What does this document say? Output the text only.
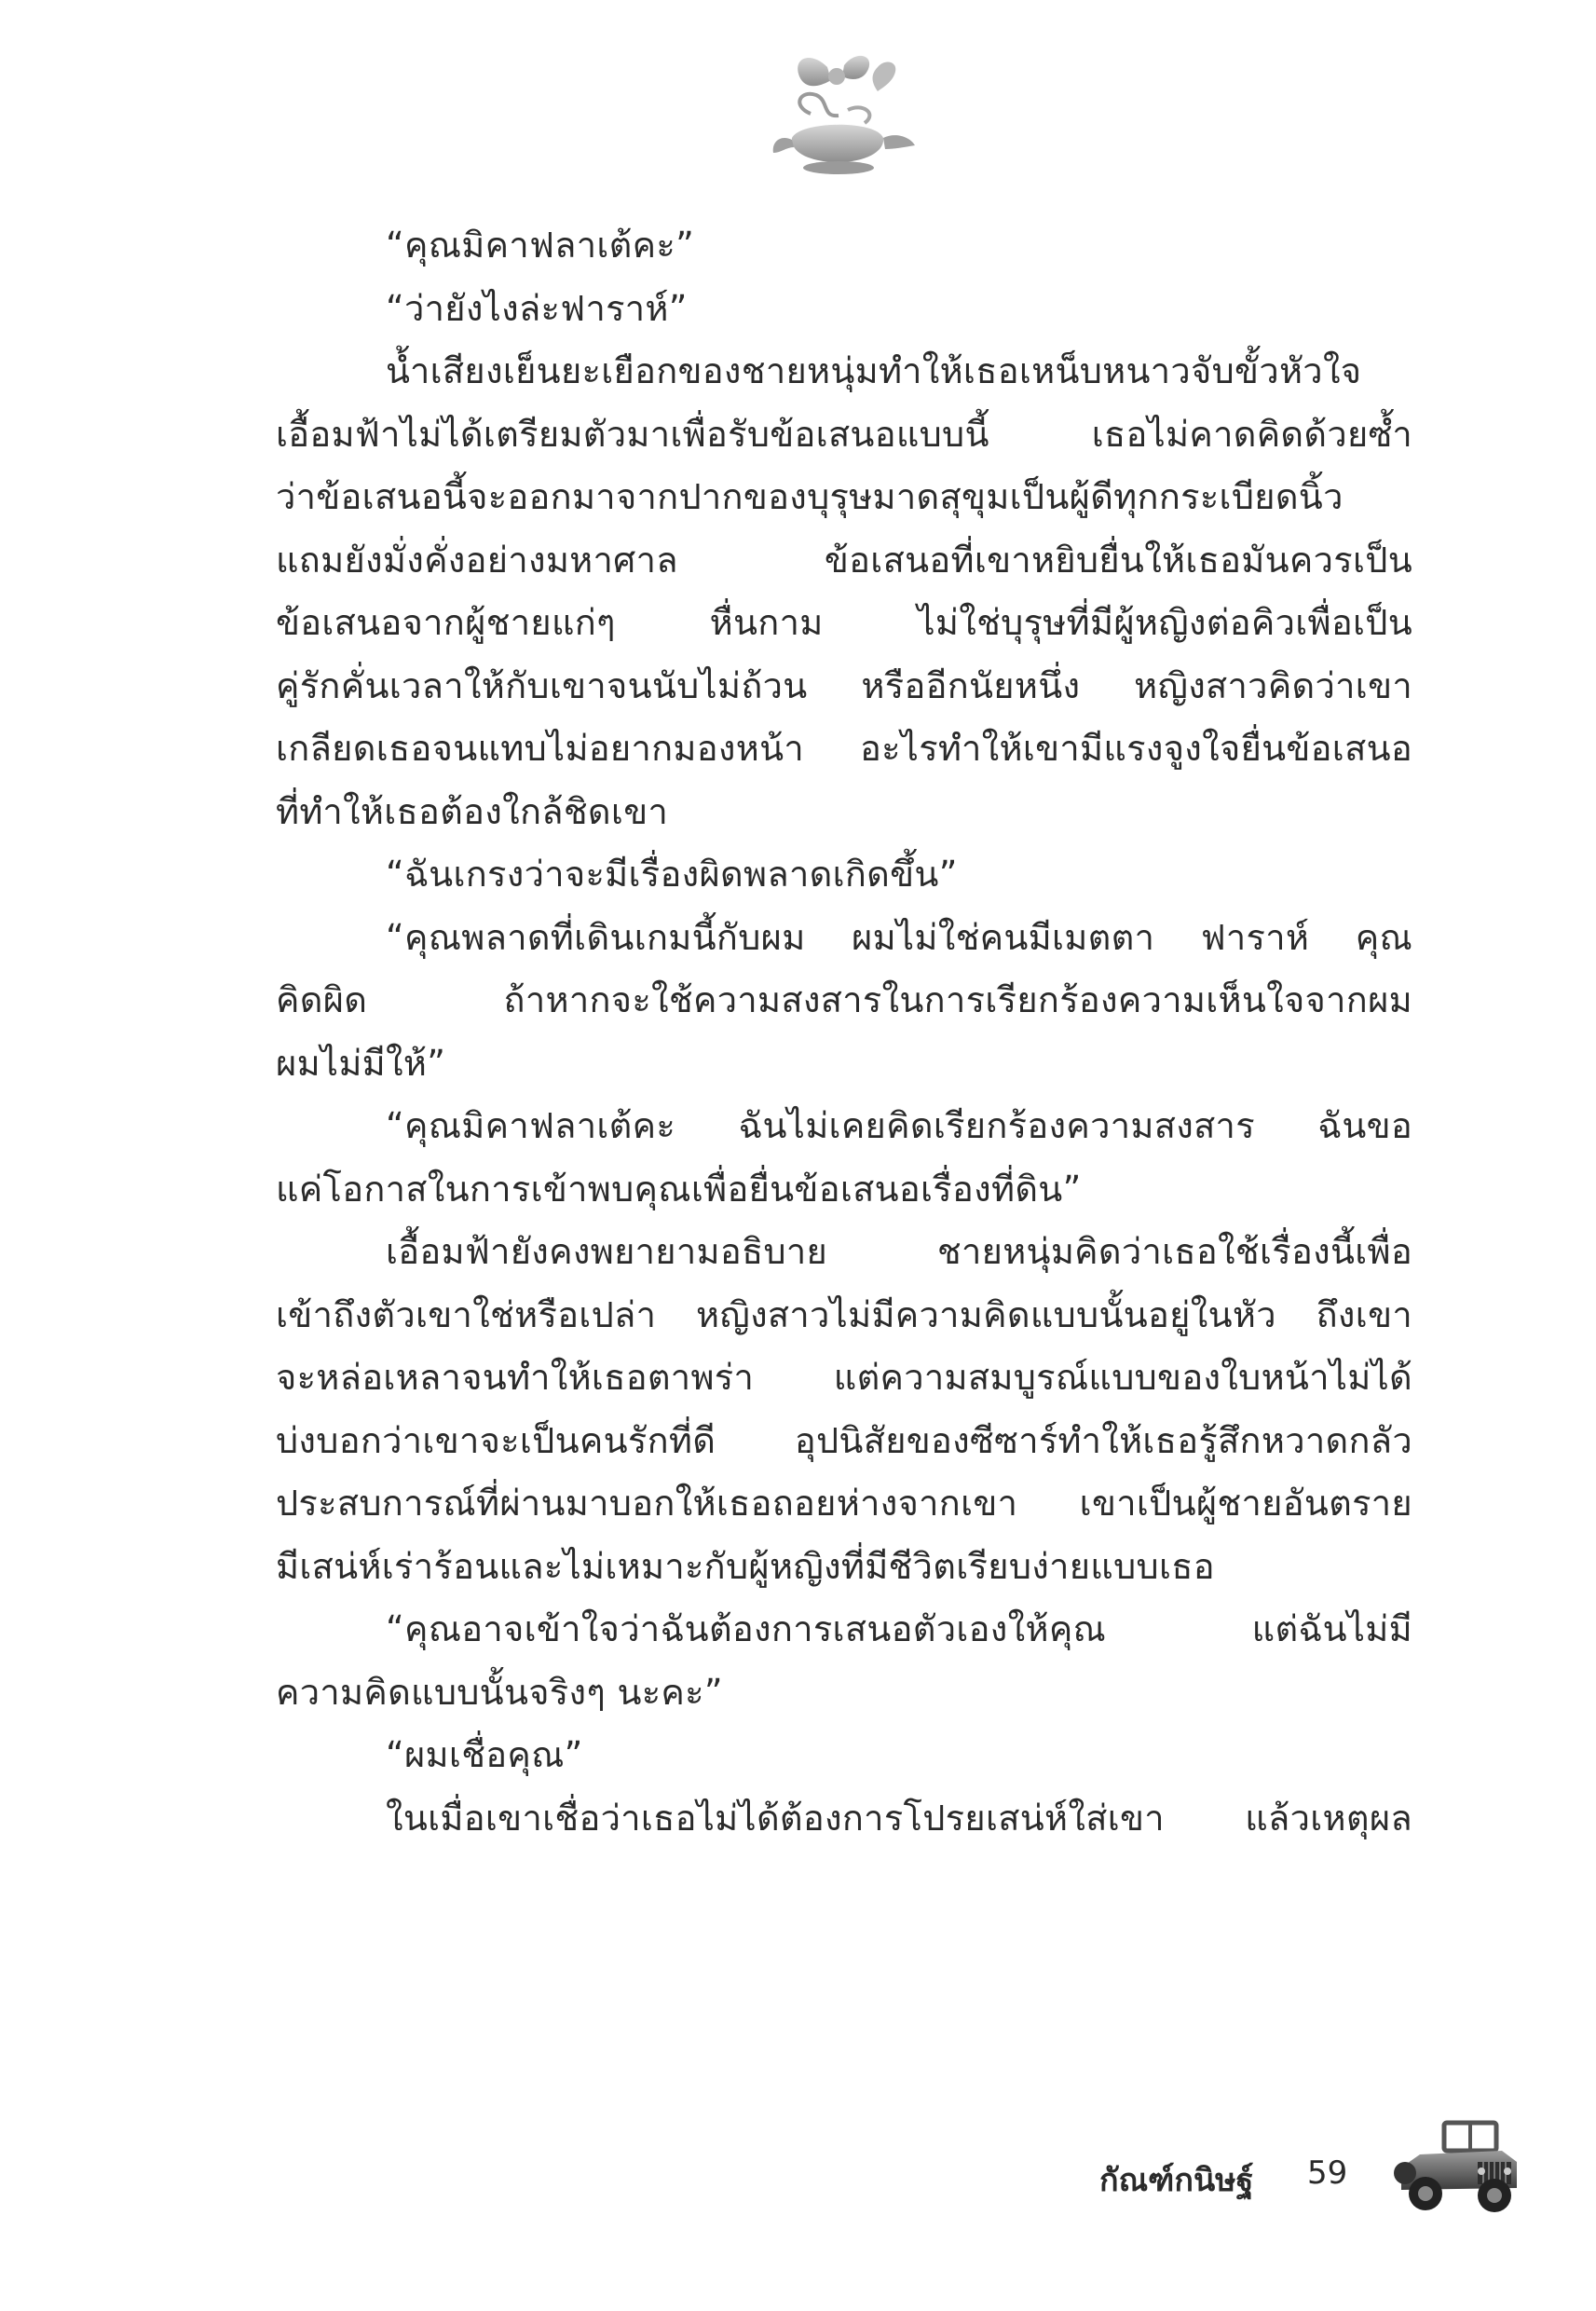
“คุณมิคาฟลาเต้คะ”
“ว่ายังไงล่ะฟาราห์”
น้ำเสียงเย็นยะเยือกของชายหนุ่มทำให้เธอเหน็บหนาวจับขั้วหัวใจ
เอื้อมฟ้าไม่ได้เตรียมตัวมาเพื่อรับข้อเสนอแบบนี้ เธอไม่คาดคิดด้วยซ้ำ
ว่าข้อเสนอนี้จะออกมาจากปากของบุรุษมาดสุขุมเป็นผู้ดีทุกกระเบียดนิ้ว
แถมยังมั่งคั่งอย่างมหาศาล ข้อเสนอที่เขาหยิบยื่นให้เธอมันควรเป็น
ข้อเสนอจากผู้ชายแก่ๆ หื่นกาม ไม่ใช่บุรุษที่มีผู้หญิงต่อคิวเพื่อเป็น
คู่รักคั่นเวลาให้กับเขาจนนับไม่ถ้วน หรืออีกนัยหนึ่ง หญิงสาวคิดว่าเขา
เกลียดเธอจนแทบไม่อยากมองหน้า อะไรทำให้เขามีแรงจูงใจยื่นข้อเสนอ
ที่ทำให้เธอต้องใกล้ชิดเขา
“ฉันเกรงว่าจะมีเรื่องผิดพลาดเกิดขึ้น”
“คุณพลาดที่เดินเกมนี้กับผม ผมไม่ใช่คนมีเมตตา ฟาราห์ คุณ
คิดผิด ถ้าหากจะใช้ความสงสารในการเรียกร้องความเห็นใจจากผม
ผมไม่มีให้”
“คุณมิคาฟลาเต้คะ ฉันไม่เคยคิดเรียกร้องความสงสาร ฉันขอ
แค่โอกาสในการเข้าพบคุณเพื่อยื่นข้อเสนอเรื่องที่ดิน”
เอื้อมฟ้ายังคงพยายามอธิบาย ชายหนุ่มคิดว่าเธอใช้เรื่องนี้เพื่อ
เข้าถึงตัวเขาใช่หรือเปล่า หญิงสาวไม่มีความคิดแบบนั้นอยู่ในหัว ถึงเขา
จะหล่อเหลาจนทำให้เธอตาพร่า แต่ความสมบูรณ์แบบของใบหน้าไม่ได้
บ่งบอกว่าเขาจะเป็นคนรักที่ดี อุปนิสัยของซีซาร์ทำให้เธอรู้สึกหวาดกลัว
ประสบการณ์ที่ผ่านมาบอกให้เธอถอยห่างจากเขา เขาเป็นผู้ชายอันตราย
มีเสน่ห์เร่าร้อนและไม่เหมาะกับผู้หญิงที่มีชีวิตเรียบง่ายแบบเธอ
“คุณอาจเข้าใจว่าฉันต้องการเสนอตัวเองให้คุณ แต่ฉันไม่มี
ความคิดแบบนั้นจริงๆ นะคะ”
“ผมเชื่อคุณ”
ในเมื่อเขาเชื่อว่าเธอไม่ได้ต้องการโปรยเสน่ห์ใส่เขา แล้วเหตุผล
กัณฑ์กนิษฐ์ 59
